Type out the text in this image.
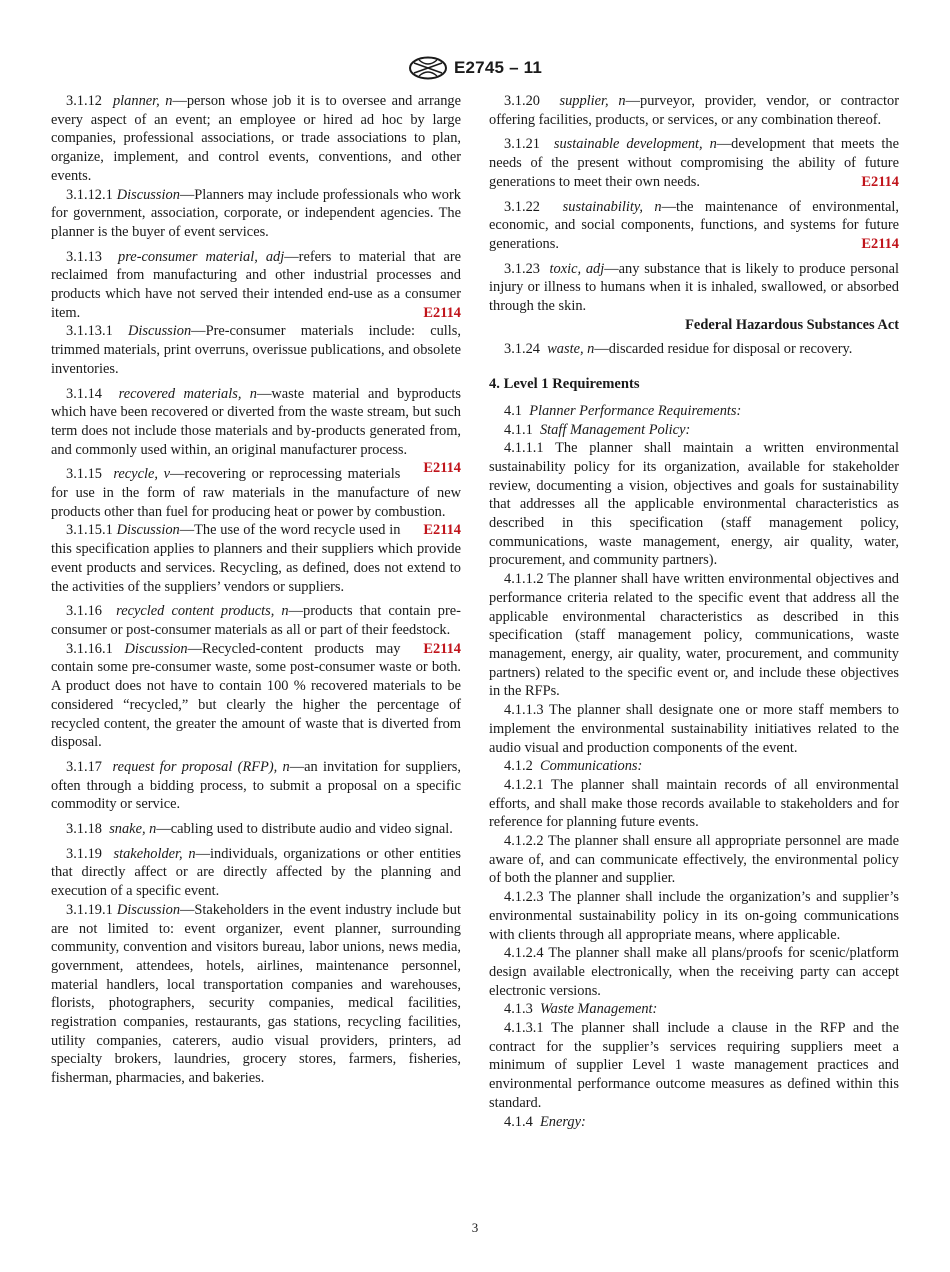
E2745 – 11

3.1.12 planner, n—person whose job it is to oversee and arrange every aspect of an event; an employee or hired ad hoc by large companies, professional associations, or trade associations to plan, organize, implement, and control events, conventions, and other events.

3.1.12.1 Discussion—Planners may include professionals who work for government, association, corporate, or independent agencies. The planner is the buyer of event services.

3.1.13 pre-consumer material, adj—refers to material that are reclaimed from manufacturing and other industrial processes and products which have not served their intended end-use as a consumer item.	E2114

3.1.13.1 Discussion—Pre-consumer materials include: culls, trimmed materials, print overruns, overissue publications, and obsolete inventories.

3.1.14 recovered materials, n—waste material and byproducts which have been recovered or diverted from the waste stream, but such term does not include those materials and by-products generated from, and commonly used within, an original manufacturer process.
E2114

3.1.15 recycle, v—recovering or reprocessing materials for use in the form of raw materials in the manufacture of new products other than fuel for producing heat or power by combustion.
E2114

3.1.15.1 Discussion—The use of the word recycle used in this specification applies to planners and their suppliers which provide event products and services. Recycling, as defined, does not extend to the activities of the suppliers’ vendors or suppliers.

3.1.16 recycled content products, n—products that contain pre-consumer or post-consumer materials as all or part of their feedstock.
E2114

3.1.16.1 Discussion—Recycled-content products may contain some pre-consumer waste, some post-consumer waste or both. A product does not have to contain 100 % recovered materials to be considered “recycled,” but clearly the higher the percentage of recycled content, the greater the amount of waste that is diverted from disposal.

3.1.17 request for proposal (RFP), n—an invitation for suppliers, often through a bidding process, to submit a proposal on a specific commodity or service.

3.1.18 snake, n—cabling used to distribute audio and video signal.

3.1.19 stakeholder, n—individuals, organizations or other entities that directly affect or are directly affected by the planning and execution of a specific event.

3.1.19.1 Discussion—Stakeholders in the event industry include but are not limited to: event organizer, event planner, surrounding community, convention and visitors bureau, labor unions, news media, government, attendees, hotels, airlines, maintenance personnel, material handlers, local transportation companies and warehouses, florists, photographers, security companies, medical facilities, registration companies, restaurants, gas stations, recycling facilities, utility companies, caterers, audio visual providers, printers, ad specialty brokers, laundries, grocery stores, farmers, fisheries, fisherman, pharmacies, and bakeries.

3.1.20 supplier, n—purveyor, provider, vendor, or contractor offering facilities, products, or services, or any combination thereof.

3.1.21 sustainable development, n—development that meets the needs of the present without compromising the ability of future generations to meet their own needs.	E2114

3.1.22 sustainability, n—the maintenance of environmental, economic, and social components, functions, and systems for future generations.	E2114

3.1.23 toxic, adj—any substance that is likely to produce personal injury or illness to humans when it is inhaled, swallowed, or absorbed through the skin.
Federal Hazardous Substances Act

3.1.24 waste, n—discarded residue for disposal or recovery.

4. Level 1 Requirements

4.1 Planner Performance Requirements:

4.1.1 Staff Management Policy:

4.1.1.1 The planner shall maintain a written environmental sustainability policy for its organization, available for stakeholder review, documenting a vision, objectives and goals for sustainability that addresses all the applicable environmental characteristics as described in this specification (staff management policy, communications, waste management, energy, air quality, water, procurement, and community partners).

4.1.1.2 The planner shall have written environmental objectives and performance criteria related to the specific event that address all the applicable environmental characteristics as described in this specification (staff management policy, communications, waste management, energy, air quality, water, procurement, and community partners) related to the specific event or, and include these objectives in the RFPs.

4.1.1.3 The planner shall designate one or more staff members to implement the environmental sustainability initiatives related to the audio visual and production components of the event.

4.1.2 Communications:

4.1.2.1 The planner shall maintain records of all environmental efforts, and shall make those records available to stakeholders and for reference for planning future events.

4.1.2.2 The planner shall ensure all appropriate personnel are made aware of, and can communicate effectively, the environmental policy of both the planner and supplier.

4.1.2.3 The planner shall include the organization’s and supplier’s environmental sustainability policy in its on-going communications with clients through all appropriate means, where applicable.

4.1.2.4 The planner shall make all plans/proofs for scenic/platform design available electronically, when the receiving party can accept electronic versions.

4.1.3 Waste Management:

4.1.3.1 The planner shall include a clause in the RFP and the contract for the supplier’s services requiring suppliers meet a minimum of supplier Level 1 waste management practices and environmental performance outcome measures as defined within this standard.

4.1.4 Energy:

3
